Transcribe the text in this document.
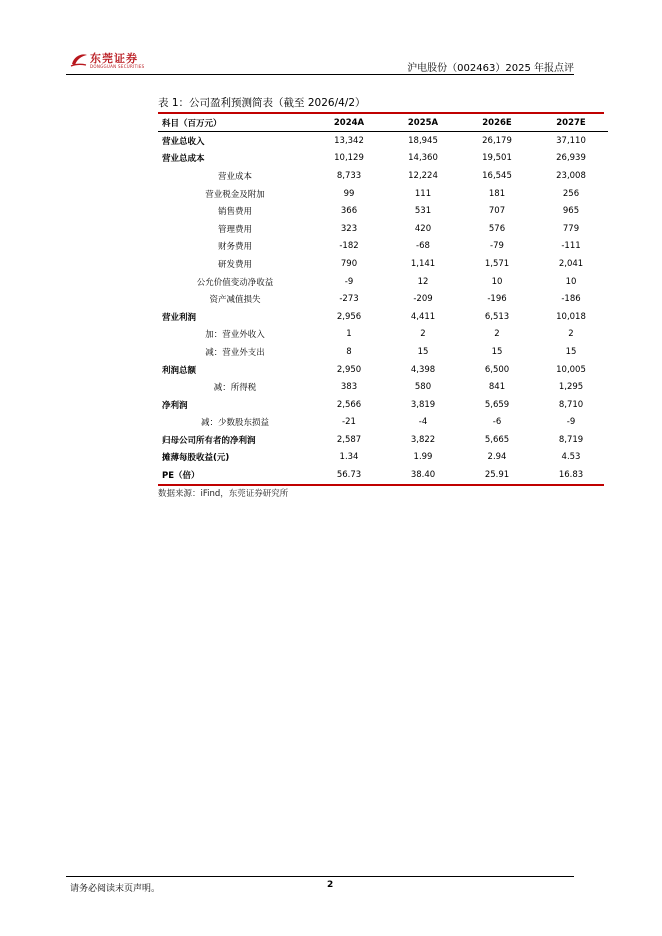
东莞证券
DONGGUAN SECURITIES	沪电股份（002463）2025 年报点评
表 1：公司盈利预测简表（截至 2026/4/2）
科目（百万元）	2024A	2025A	2026E	2027E
营业总收入	13,342	18,945	26,179	37,110
营业总成本	10,129	14,360	19,501	26,939
营业成本	8,733	12,224	16,545	23,008
营业税金及附加	99	111	181	256
销售费用	366	531	707	965
管理费用	323	420	576	779
财务费用	-182	-68	-79	-111
研发费用	790	1,141	1,571	2,041
公允价值变动净收益	-9	12	10	10
资产减值损失	-273	-209	-196	-186
营业利润	2,956	4,411	6,513	10,018
加：营业外收入	1	2	2	2
减：营业外支出	8	15	15	15
利润总额	2,950	4,398	6,500	10,005
减：所得税	383	580	841	1,295
净利润	2,566	3,819	5,659	8,710
减：少数股东损益	-21	-4	-6	-9
归母公司所有者的净利润	2,587	3,822	5,665	8,719
摊薄每股收益(元)	1.34	1.99	2.94	4.53
PE（倍）	56.73	38.40	25.91	16.83
数据来源：iFind，东莞证券研究所
请务必阅读末页声明。	2
